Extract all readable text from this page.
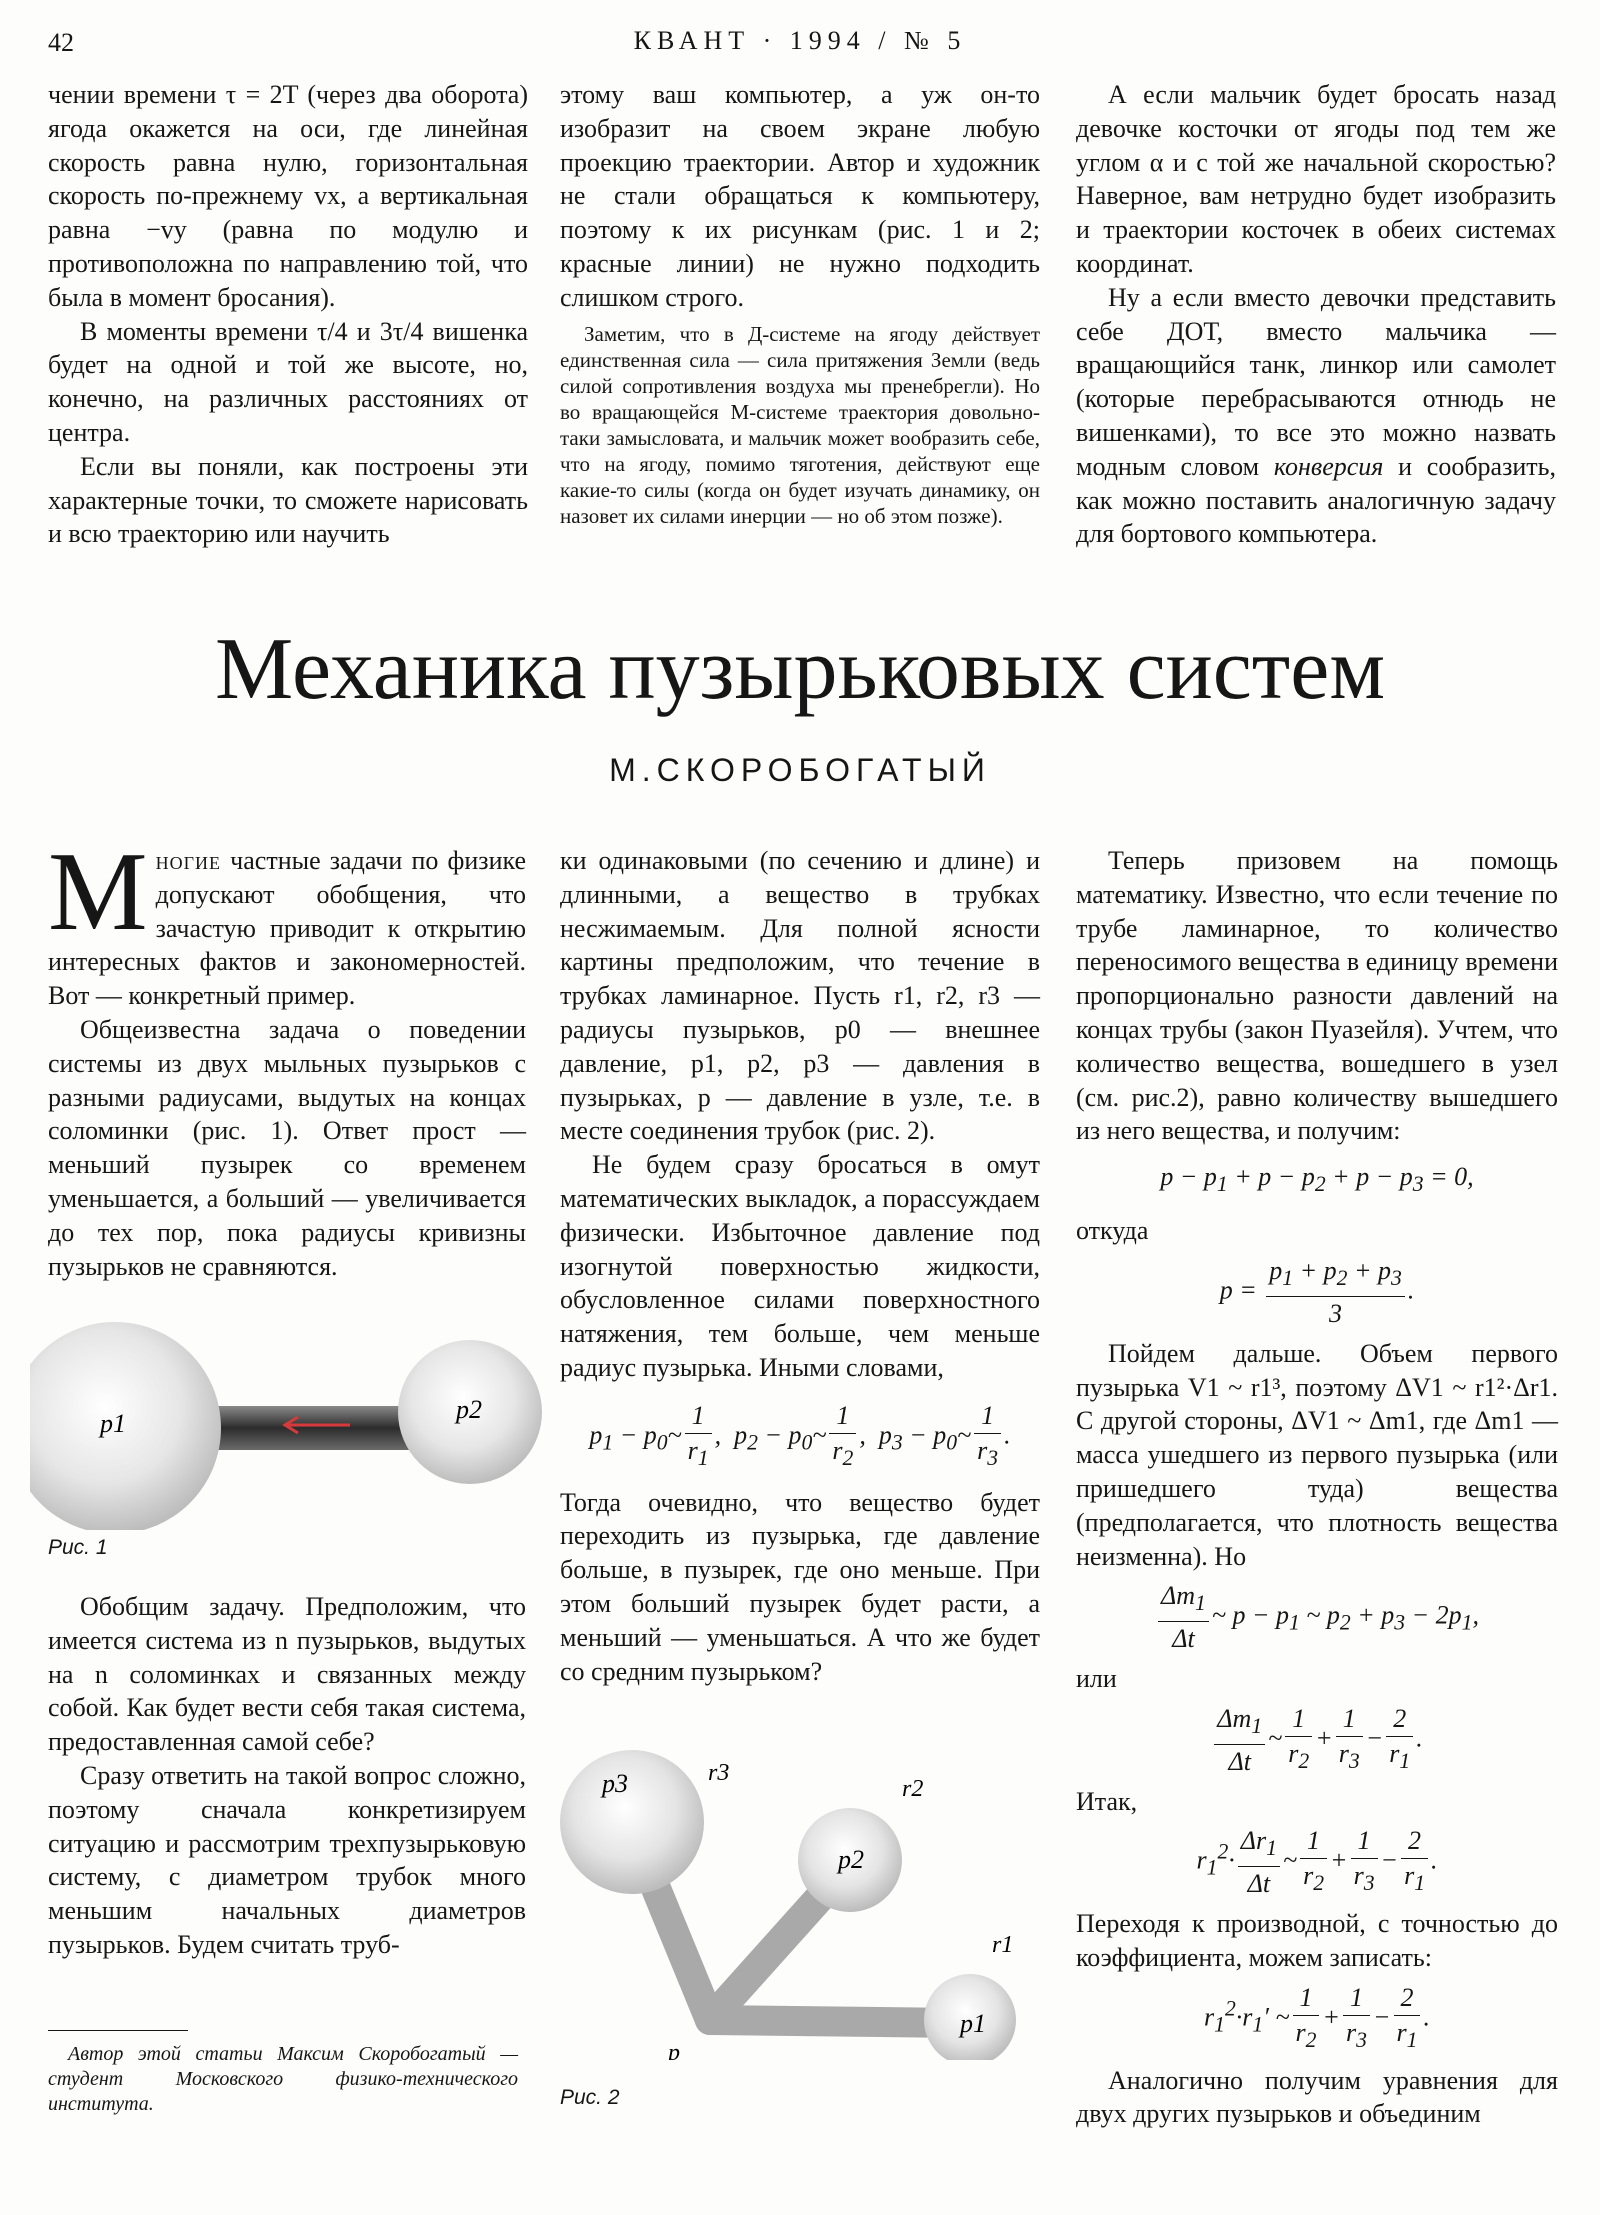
42	КВАНТ · 1994 / № 5

чении времени τ = 2T (через два оборота) ягода окажется на оси, где линейная скорость равна нулю, горизонтальная скорость по-прежнему vx, а вертикальная равна −vy (равна по модулю и противоположна по направлению той, что была в момент бросания).

В моменты времени τ/4 и 3τ/4 вишенка будет на одной и той же высоте, но, конечно, на различных расстояниях от центра.

Если вы поняли, как построены эти характерные точки, то сможете нарисовать и всю траекторию или научить

этому ваш компьютер, а уж он-то изобразит на своем экране любую проекцию траектории. Автор и художник не стали обращаться к компьютеру, поэтому к их рисункам (рис. 1 и 2; красные линии) не нужно подходить слишком строго.

Заметим, что в Д-системе на ягоду действует единственная сила — сила притяжения Земли (ведь силой сопротивления воздуха мы пренебрегли). Но во вращающейся М-системе траектория довольно-таки замысловата, и мальчик может вообразить себе, что на ягоду, помимо тяготения, действуют еще какие-то силы (когда он будет изучать динамику, он назовет их силами инерции — но об этом позже).

А если мальчик будет бросать назад девочке косточки от ягоды под тем же углом α и с той же начальной скоростью? Наверное, вам нетрудно будет изобразить и траектории косточек в обеих системах координат.

Ну а если вместо девочки представить себе ДОТ, вместо мальчика — вращающийся танк, линкор или самолет (которые перебрасываются отнюдь не вишенками), то все это можно назвать модным словом конверсия и сообразить, как можно поставить аналогичную задачу для бортового компьютера.

Механика пузырьковых систем
М.СКОРОБОГАТЫЙ

М ногие частные задачи по физике допускают обобщения, что зачастую приводит к открытию интересных фактов и закономерностей. Вот — конкретный пример.

Общеизвестна задача о поведении системы из двух мыльных пузырьков с разными радиусами, выдутых на концах соломинки (рис. 1). Ответ прост — меньший пузырек со временем уменьшается, а больший — увеличивается до тех пор, пока радиусы кривизны пузырьков не сравняются.

p1	p2
Рис. 1

Обобщим задачу. Предположим, что имеется система из n пузырьков, выдутых на n соломинках и связанных между собой. Как будет вести себя такая система, предоставленная самой себе?

Сразу ответить на такой вопрос сложно, поэтому сначала конкретизируем ситуацию и рассмотрим трехпузырьковую систему, с диаметром трубок много меньшим начальных диаметров пузырьков. Будем считать труб-

Автор этой статьи Максим Скоробогатый — студент Московского физико-технического института.

ки одинаковыми (по сечению и длине) и длинными, а вещество в трубках несжимаемым. Для полной ясности картины предположим, что течение в трубках ламинарное. Пусть r1, r2, r3 — радиусы пузырьков, p0 — внешнее давление, p1, p2, p3 — давления в пузырьках, p — давление в узле, т.е. в месте соединения трубок (рис. 2).

Не будем сразу бросаться в омут математических выкладок, а порассуждаем физически. Избыточное давление под изогнутой поверхностью жидкости, обусловленное силами поверхностного натяжения, тем больше, чем меньше радиус пузырька. Иными словами,

$p_1$ − $p_0\sim \frac{1}{r_1}$ ,  $p_2$ − $p_0\sim \frac{1}{r_2}$ ,  $p_3$ − $p_0\sim \frac{1}{r_3}$ .

Тогда очевидно, что вещество будет переходить из пузырька, где давление больше, в пузырек, где оно меньше. При этом больший пузырек будет расти, а меньший — уменьшаться. А что же будет со средним пузырьком?

p3	r3
p2
r2
r1
p1
p
Рис. 2

Теперь призовем на помощь математику. Известно, что если течение по трубе ламинарное, то количество переносимого вещества в единицу времени пропорционально разности давлений на концах трубы (закон Пуазейля). Учтем, что количество вещества, вошедшего в узел (см. рис.2), равно количеству вышедшего из него вещества, и получим:

$p - p_1 + p - p_2 + p - p_3 = 0$,

откуда

$p = \frac{p_1 + p_2 + p_3}{3}$ .

Пойдем дальше. Объем первого пузырька V1 ~ r1³, поэтому ΔV1 ~ r1²·Δr1. С другой стороны, ΔV1 ~ Δm1, где Δm1 — масса ушедшего из первого пузырька (или пришедшего туда) вещества (предполагается, что плотность вещества неизменна). Но

$\frac{\Delta m_1}{\Delta t}$ ~ $p - p_1$ ~ $p_2 + p_3 - 2p_1$,

или

$\frac{\Delta m_1}{\Delta t}$ ~ $\frac{1}{r_2} + \frac{1}{r_3} - \frac{2}{r_1}$ .

Итак,

$r_1^2\cdot \frac{\Delta r_1}{\Delta t}$ ~ $\frac{1}{r_2} + \frac{1}{r_3} - \frac{2}{r_1}$ .

Переходя к производной, с точностью до коэффициента, можем записать:

$r_1^2\cdot r_1'$ ~ $\frac{1}{r_2} + \frac{1}{r_3} - \frac{2}{r_1}$ .

Аналогично получим уравнения для двух других пузырьков и объединим
